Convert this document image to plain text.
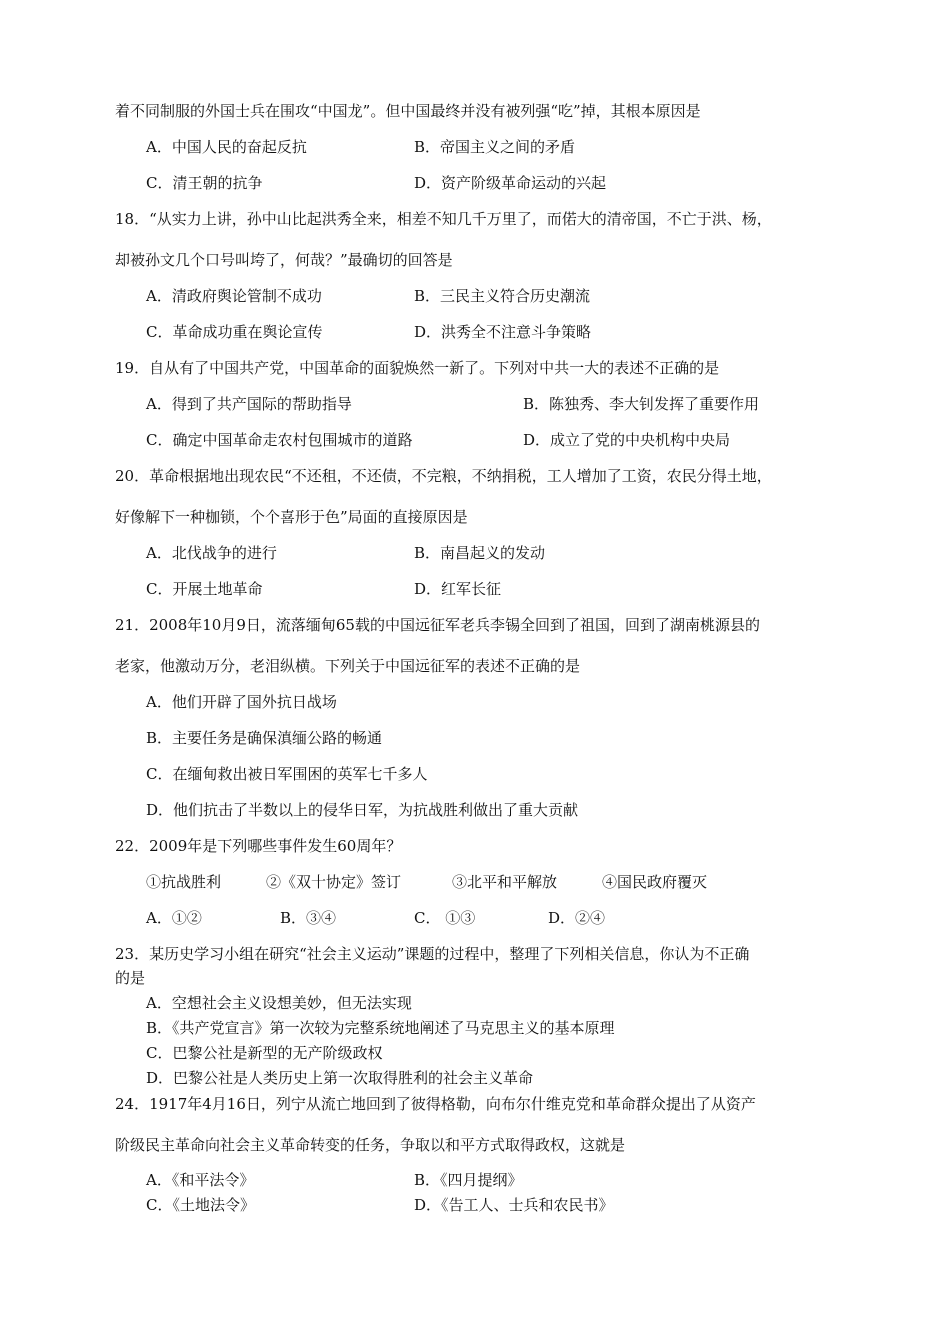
着不同制服的外国士兵在围攻“中国龙”。但中国最终并没有被列强“吃”掉，其根本原因是
A．中国人民的奋起反抗	B．帝国主义之间的矛盾
C．清王朝的抗争	D．资产阶级革命运动的兴起
18．“从实力上讲，孙中山比起洪秀全来，相差不知几千万里了，而偌大的清帝国，不亡于洪、杨，
却被孙文几个口号叫垮了，何哉？”最确切的回答是
A．清政府舆论管制不成功	B．三民主义符合历史潮流
C．革命成功重在舆论宣传	D．洪秀全不注意斗争策略
19．自从有了中国共产党，中国革命的面貌焕然一新了。下列对中共一大的表述不正确的是
A．得到了共产国际的帮助指导	B．陈独秀、李大钊发挥了重要作用
C．确定中国革命走农村包围城市的道路	D．成立了党的中央机构中央局
20．革命根据地出现农民“不还租，不还债，不完粮，不纳捐税，工人增加了工资，农民分得土地，
好像解下一种枷锁，个个喜形于色”局面的直接原因是
A．北伐战争的进行	B．南昌起义的发动
C．开展土地革命	D．红军长征
21．2008年10月9日，流落缅甸65载的中国远征军老兵李锡全回到了祖国，回到了湖南桃源县的
老家，他激动万分，老泪纵横。下列关于中国远征军的表述不正确的是
A．他们开辟了国外抗日战场
B．主要任务是确保滇缅公路的畅通
C．在缅甸救出被日军围困的英军七千多人
D．他们抗击了半数以上的侵华日军，为抗战胜利做出了重大贡献
22．2009年是下列哪些事件发生60周年？
①抗战胜利	②《双十协定》签订	③北平和平解放	④国民政府覆灭
A．①②	B．③④	C． ①③	D．②④
23．某历史学习小组在研究“社会主义运动”课题的过程中，整理了下列相关信息，你认为不正确
的是
A．空想社会主义设想美妙，但无法实现
B．《共产党宣言》第一次较为完整系统地阐述了马克思主义的基本原理
C．巴黎公社是新型的无产阶级政权
D．巴黎公社是人类历史上第一次取得胜利的社会主义革命
24．1917年4月16日，列宁从流亡地回到了彼得格勒，向布尔什维克党和革命群众提出了从资产
阶级民主革命向社会主义革命转变的任务，争取以和平方式取得政权，这就是
A．《和平法令》	B．《四月提纲》
C．《土地法令》	D．《告工人、士兵和农民书》
